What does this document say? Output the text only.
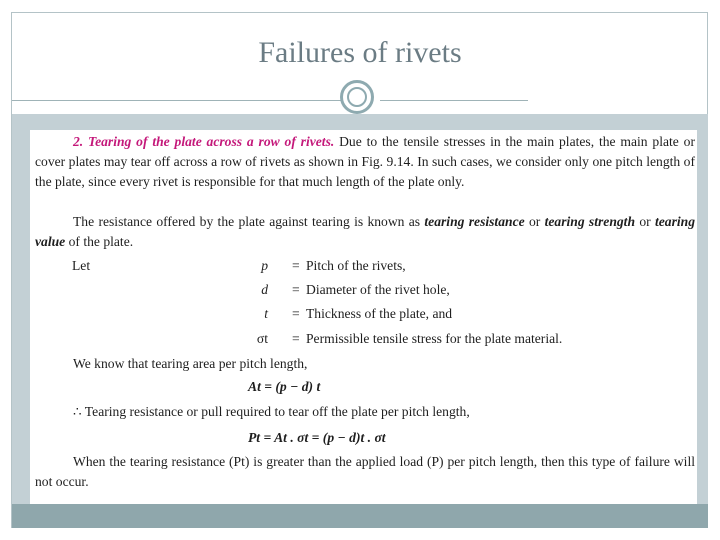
Failures of rivets
2. Tearing of the plate across a row of rivets. Due to the tensile stresses in the main plates, the main plate or cover plates may tear off across a row of rivets as shown in Fig. 9.14. In such cases, we consider only one pitch length of the plate, since every rivet is responsible for that much length of the plate only.
The resistance offered by the plate against tearing is known as tearing resistance or tearing strength or tearing value of the plate.
Let	p = Pitch of the rivets,
d = Diameter of the rivet hole,
t = Thickness of the plate, and
σt = Permissible tensile stress for the plate material.
We know that tearing area per pitch length,
At = (p − d) t
∴ Tearing resistance or pull required to tear off the plate per pitch length,
Pt = At . σt = (p − d)t . σt
When the tearing resistance (Pt) is greater than the applied load (P) per pitch length, then this type of failure will not occur.
